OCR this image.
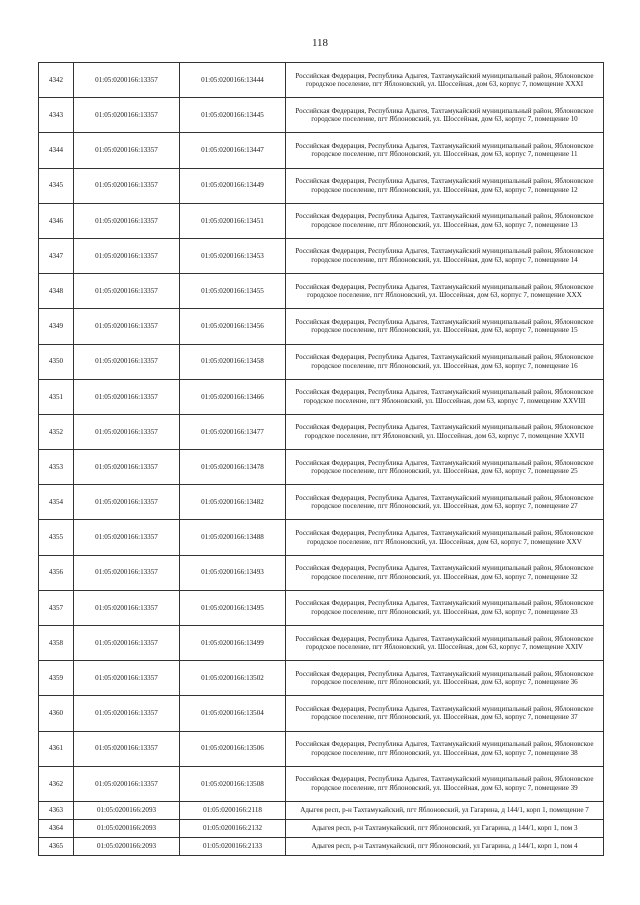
118
4342	01:05:0200166:13357	01:05:0200166:13444	Российская Федерация, Республика Адыгея, Тахтамукайский муниципальный район, Яблоновское городское поселение, пгт Яблоновский, ул. Шоссейная, дом 63, корпус 7, помещение XXXI
4343	01:05:0200166:13357	01:05:0200166:13445	Российская Федерация, Республика Адыгея, Тахтамукайский муниципальный район, Яблоновское городское поселение, пгт Яблоновский, ул. Шоссейная, дом 63, корпус 7, помещение 10
4344	01:05:0200166:13357	01:05:0200166:13447	Российская Федерация, Республика Адыгея, Тахтамукайский муниципальный район, Яблоновское городское поселение, пгт Яблоновский, ул. Шоссейная, дом 63, корпус 7, помещение 11
4345	01:05:0200166:13357	01:05:0200166:13449	Российская Федерация, Республика Адыгея, Тахтамукайский муниципальный район, Яблоновское городское поселение, пгт Яблоновский, ул. Шоссейная, дом 63, корпус 7, помещение 12
4346	01:05:0200166:13357	01:05:0200166:13451	Российская Федерация, Республика Адыгея, Тахтамукайский муниципальный район, Яблоновское городское поселение, пгт Яблоновский, ул. Шоссейная, дом 63, корпус 7, помещение 13
4347	01:05:0200166:13357	01:05:0200166:13453	Российская Федерация, Республика Адыгея, Тахтамукайский муниципальный район, Яблоновское городское поселение, пгт Яблоновский, ул. Шоссейная, дом 63, корпус 7, помещение 14
4348	01:05:0200166:13357	01:05:0200166:13455	Российская Федерация, Республика Адыгея, Тахтамукайский муниципальный район, Яблоновское городское поселение, пгт Яблоновский, ул. Шоссейная, дом 63, корпус 7, помещение XXX
4349	01:05:0200166:13357	01:05:0200166:13456	Российская Федерация, Республика Адыгея, Тахтамукайский муниципальный район, Яблоновское городское поселение, пгт Яблоновский, ул. Шоссейная, дом 63, корпус 7, помещение 15
4350	01:05:0200166:13357	01:05:0200166:13458	Российская Федерация, Республика Адыгея, Тахтамукайский муниципальный район, Яблоновское городское поселение, пгт Яблоновский, ул. Шоссейная, дом 63, корпус 7, помещение 16
4351	01:05:0200166:13357	01:05:0200166:13466	Российская Федерация, Республика Адыгея, Тахтамукайский муниципальный район, Яблоновское городское поселение, пгт Яблоновский, ул. Шоссейная, дом 63, корпус 7, помещение XXVIII
4352	01:05:0200166:13357	01:05:0200166:13477	Российская Федерация, Республика Адыгея, Тахтамукайский муниципальный район, Яблоновское городское поселение, пгт Яблоновский, ул. Шоссейная, дом 63, корпус 7, помещение XXVII
4353	01:05:0200166:13357	01:05:0200166:13478	Российская Федерация, Республика Адыгея, Тахтамукайский муниципальный район, Яблоновское городское поселение, пгт Яблоновский, ул. Шоссейная, дом 63, корпус 7, помещение 25
4354	01:05:0200166:13357	01:05:0200166:13482	Российская Федерация, Республика Адыгея, Тахтамукайский муниципальный район, Яблоновское городское поселение, пгт Яблоновский, ул. Шоссейная, дом 63, корпус 7, помещение 27
4355	01:05:0200166:13357	01:05:0200166:13488	Российская Федерация, Республика Адыгея, Тахтамукайский муниципальный район, Яблоновское городское поселение, пгт Яблоновский, ул. Шоссейная, дом 63, корпус 7, помещение XXV
4356	01:05:0200166:13357	01:05:0200166:13493	Российская Федерация, Республика Адыгея, Тахтамукайский муниципальный район, Яблоновское городское поселение, пгт Яблоновский, ул. Шоссейная, дом 63, корпус 7, помещение 32
4357	01:05:0200166:13357	01:05:0200166:13495	Российская Федерация, Республика Адыгея, Тахтамукайский муниципальный район, Яблоновское городское поселение, пгт Яблоновский, ул. Шоссейная, дом 63, корпус 7, помещение 33
4358	01:05:0200166:13357	01:05:0200166:13499	Российская Федерация, Республика Адыгея, Тахтамукайский муниципальный район, Яблоновское городское поселение, пгт Яблоновский, ул. Шоссейная, дом 63, корпус 7, помещение XXIV
4359	01:05:0200166:13357	01:05:0200166:13502	Российская Федерация, Республика Адыгея, Тахтамукайский муниципальный район, Яблоновское городское поселение, пгт Яблоновский, ул. Шоссейная, дом 63, корпус 7, помещение 36
4360	01:05:0200166:13357	01:05:0200166:13504	Российская Федерация, Республика Адыгея, Тахтамукайский муниципальный район, Яблоновское городское поселение, пгт Яблоновский, ул. Шоссейная, дом 63, корпус 7, помещение 37
4361	01:05:0200166:13357	01:05:0200166:13506	Российская Федерация, Республика Адыгея, Тахтамукайский муниципальный район, Яблоновское городское поселение, пгт Яблоновский, ул. Шоссейная, дом 63, корпус 7, помещение 38
4362	01:05:0200166:13357	01:05:0200166:13508	Российская Федерация, Республика Адыгея, Тахтамукайский муниципальный район, Яблоновское городское поселение, пгт Яблоновский, ул. Шоссейная, дом 63, корпус 7, помещение 39
4363	01:05:0200166:2093	01:05:0200166:2118	Адыгея респ, р-н Тахтамукайский, пгт Яблоновский, ул Гагарина, д 144/1, корп 1, помещение 7
4364	01:05:0200166:2093	01:05:0200166:2132	Адыгея респ, р-н Тахтамукайский, пгт Яблоновский, ул Гагарина, д 144/1, корп 1, пом 3
4365	01:05:0200166:2093	01:05:0200166:2133	Адыгея респ, р-н Тахтамукайский, пгт Яблоновский, ул Гагарина, д 144/1, корп 1, пом 4
